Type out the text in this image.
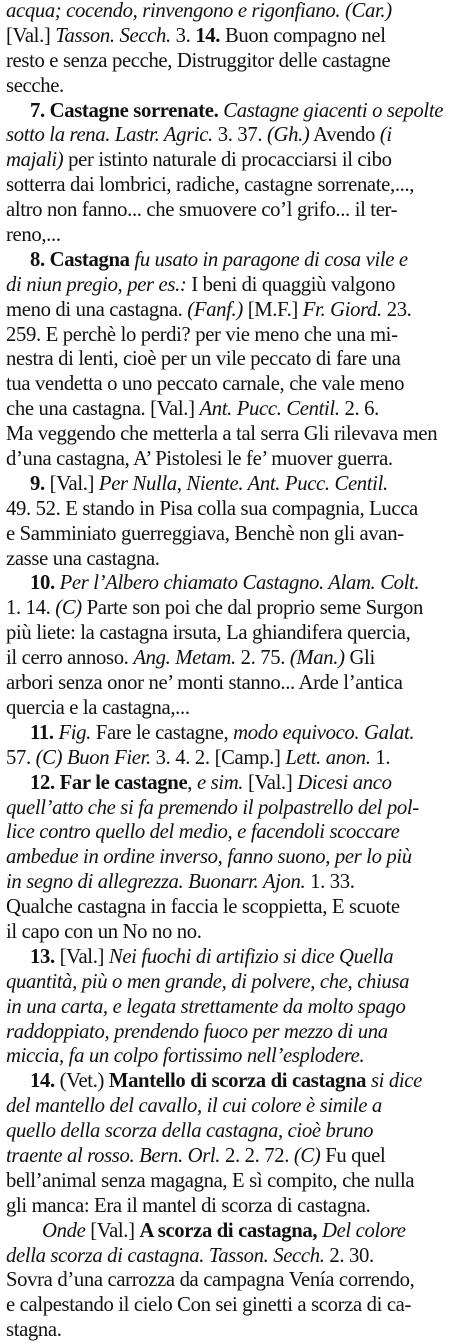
acqua; cocendo, rinvengono e rigonfiano. (Car.)
[Val.] Tasson. Secch. 3. 14. Buon compagno nel
resto e senza pecche, Distruggitor delle castagne
secche.
7. Castagne sorrenate. Castagne giacenti o sepolte
sotto la rena. Lastr. Agric. 3. 37. (Gh.) Avendo (i
majali) per istinto naturale di procacciarsi il cibo
sotterra dai lombrici, radiche, castagne sorrenate,...,
altro non fanno... che smuovere co’l grifo... il ter-
reno,...
8. Castagna fu usato in paragone di cosa vile e
di niun pregio, per es.: I beni di quaggiù valgono
meno di una castagna. (Fanf.) [M.F.] Fr. Giord. 23.
259. E perchè lo perdi? per vie meno che una mi-
nestra di lenti, cioè per un vile peccato di fare una
tua vendetta o uno peccato carnale, che vale meno
che una castagna. [Val.] Ant. Pucc. Centil. 2. 6.
Ma veggendo che metterla a tal serra Gli rilevava men
d’una castagna, A’ Pistolesi le fe’ muover guerra.
9. [Val.] Per Nulla, Niente. Ant. Pucc. Centil.
49. 52. E stando in Pisa colla sua compagnia, Lucca
e Samminiato guerreggiava, Benchè non gli avan-
zasse una castagna.
10. Per l’Albero chiamato Castagno. Alam. Colt.
1. 14. (C) Parte son poi che dal proprio seme Surgon
più liete: la castagna irsuta, La ghiandifera quercia,
il cerro annoso. Ang. Metam. 2. 75. (Man.) Gli
arbori senza onor ne’ monti stanno... Arde l’antica
quercia e la castagna,...
11. Fig. Fare le castagne, modo equivoco. Galat.
57. (C) Buon Fier. 3. 4. 2. [Camp.] Lett. anon. 1.
12. Far le castagne, e sim. [Val.] Dicesi anco
quell’atto che si fa premendo il polpastrello del pol-
lice contro quello del medio, e facendoli scoccare
ambedue in ordine inverso, fanno suono, per lo più
in segno di allegrezza. Buonarr. Ajon. 1. 33.
Qualche castagna in faccia le scoppietta, E scuote
il capo con un No no no.
13. [Val.] Nei fuochi di artifizio si dice Quella
quantità, più o men grande, di polvere, che, chiusa
in una carta, e legata strettamente da molto spago
raddoppiato, prendendo fuoco per mezzo di una
miccia, fa un colpo fortissimo nell’esplodere.
14. (Vet.) Mantello di scorza di castagna si dice
del mantello del cavallo, il cui colore è simile a
quello della scorza della castagna, cioè bruno
traente al rosso. Bern. Orl. 2. 2. 72. (C) Fu quel
bell’animal senza magagna, E sì compito, che nulla
gli manca: Era il mantel di scorza di castagna.
Onde [Val.] A scorza di castagna, Del colore
della scorza di castagna. Tasson. Secch. 2. 30.
Sovra d’una carrozza da campagna Venía correndo,
e calpestando il cielo Con sei ginetti a scorza di ca-
stagna.
